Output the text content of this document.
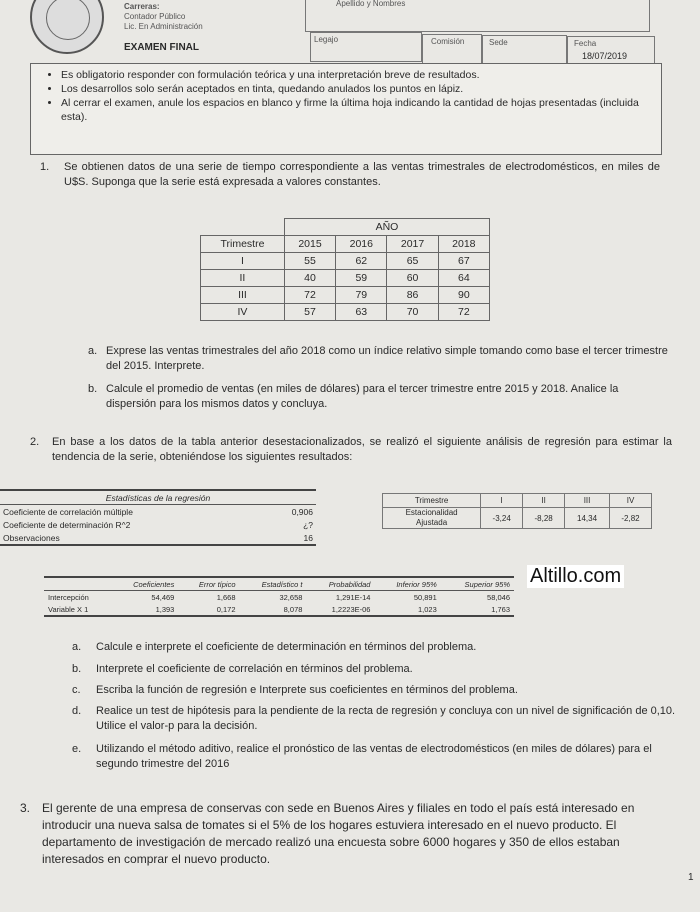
Carreras:
Contador Público
Lic. En Administración
EXAMEN FINAL
Apellido y Nombres
Legajo	Comisión	Sede	Fecha
18/07/2019
• Es obligatorio responder con formulación teórica y una interpretación breve de resultados.
• Los desarrollos solo serán aceptados en tinta, quedando anulados los puntos en lápiz.
• Al cerrar el examen, anule los espacios en blanco y firme la última hoja indicando la cantidad de hojas presentadas (incluida esta).
1. Se obtienen datos de una serie de tiempo correspondiente a las ventas trimestrales de electrodomésticos, en miles de U$S. Suponga que la serie está expresada a valores constantes.
	AÑO			
Trimestre	2015	2016	2017	2018
I	55	62	65	67
II	40	59	60	64
III	72	79	86	90
IV	57	63	70	72
a. Exprese las ventas trimestrales del año 2018 como un índice relativo simple tomando como base el tercer trimestre del 2015. Interprete.
b. Calcule el promedio de ventas (en miles de dólares) para el tercer trimestre entre 2015 y 2018. Analice la dispersión para los mismos datos y concluya.
2. En base a los datos de la tabla anterior desestacionalizados, se realizó el siguiente análisis de regresión para estimar la tendencia de la serie, obteniéndose los siguientes resultados:
Estadísticas de la regresión	
Coeficiente de correlación múltiple	0,906
Coeficiente de determinación R^2	¿?
Observaciones	16
Trimestre	I	II	III	IV

Estacionalidad
Ajustada	-3,24	-8,28	14,34	-2,82
	Coeficientes	Error típico	Estadístico t	Probabilidad	Inferior 95%	Superior 95%
Intercepción	54,469	1,668	32,658	1,291E-14	50,891	58,046
Variable X 1	1,393	0,172	8,078	1,2223E-06	1,023	1,763
Altillo.com
a. Calcule e interprete el coeficiente de determinación en términos del problema.
b. Interprete el coeficiente de correlación en términos del problema.
c. Escriba la función de regresión e Interprete sus coeficientes en términos del problema.
d. Realice un test de hipótesis para la pendiente de la recta de regresión y concluya con un nivel de significación de 0,10. Utilice el valor-p para la decisión.
e. Utilizando el método aditivo, realice el pronóstico de las ventas de electrodomésticos (en miles de dólares) para el segundo trimestre del 2016
3. El gerente de una empresa de conservas con sede en Buenos Aires y filiales en todo el país está interesado en introducir una nueva salsa de tomates si el 5% de los hogares estuviera interesado en el nuevo producto. El departamento de investigación de mercado realizó una encuesta sobre 6000 hogares y 350 de ellos estaban interesados en comprar el nuevo producto.
1
